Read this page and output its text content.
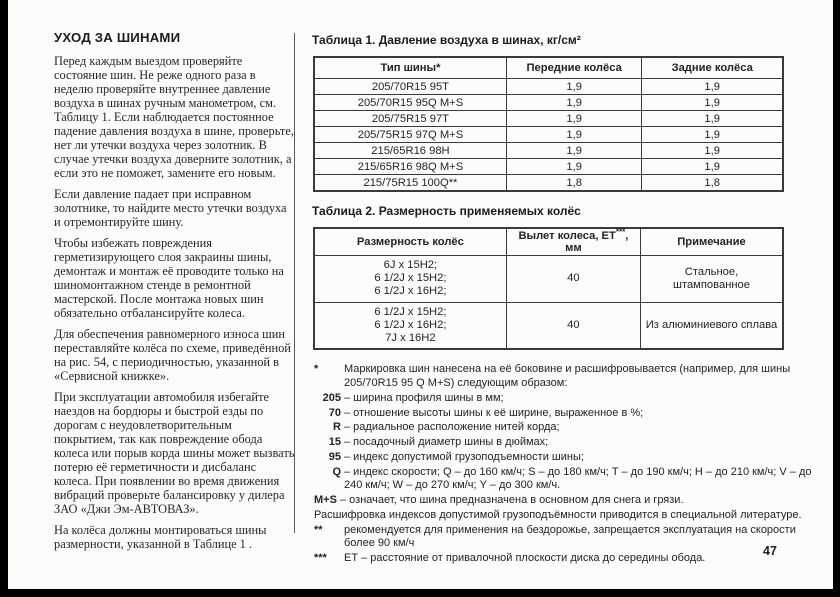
УХОД ЗА ШИНАМИ

Перед каждым выездом проверяйте состояние шин. Не реже одного раза в неделю проверяйте внутреннее давление воздуха в шинах ручным манометром, см. Таблицу 1. Если наблюдается постоянное падение давления воздуха в шине, проверьте, нет ли утечки воздуха через золотник. В случае утечки воздуха доверните золотник, а если это не поможет, замените его новым.

Если давление падает при исправном золотнике, то найдите место утечки воздуха и отремонтируйте шину.

Чтобы избежать повреждения герметизирующего слоя закраины шины, демонтаж и монтаж её проводите только на шиномонтажном стенде в ремонтной мастерской. После монтажа новых шин обязательно отбалансируйте колеса.

Для обеспечения равномерного износа шин переставляйте колёса по схеме, приведённой на рис. 54, с периодичностью, указанной в «Сервисной книжке».

При эксплуатации автомобиля избегайте наездов на бордюры и быстрой езды по дорогам с неудовлетворительным покрытием, так как повреждение обода колеса или порыв корда шины может вызвать потерю её герметичности и дисбаланс колеса. При появлении во время движения вибраций проверьте балансировку у дилера ЗАО «Джи Эм-АВТОВАЗ».

На колёса должны монтироваться шины размерности, указанной в Таблице 1 .

Таблица 1. Давление воздуха в шинах, кг/см²
Тип шины*	Передние колёса	Задние колёса
205/70R15 95T	1,9	1,9
205/70R15 95Q M+S	1,9	1,9
205/75R15 97T	1,9	1,9
205/75R15 97Q M+S	1,9	1,9
215/65R16 98H	1,9	1,9
215/65R16 98Q M+S	1,9	1,9
215/75R15 100Q**	1,8	1,8
Таблица 2. Размерность применяемых колёс
Размерность колёс	Вылет колеса, ЕТ***, мм	Примечание

6J x 15H2;
6 1/2J x 15H2;
6 1/2J x 16H2;	40	Стальное, штампованное

6 1/2J x 15H2;
6 1/2J x 16H2;
7J x 16H2	40	Из алюминиевого сплава
*	Маркировка шин нанесена на её боковине и расшифровывается (например, для шины 205/70R15 95 Q M+S) следующим образом:
205 – ширина профиля шины в мм;
70 – отношение высоты шины к её ширине, выраженное в %;
R – радиальное расположение нитей корда;
15 – посадочный диаметр шины в дюймах;
95 – индекс допустимой грузоподъемности шины;
Q – индекс скорости; Q – до 160 км/ч; S – до 180 км/ч; T – до 190 км/ч; H – до 210 км/ч; V – до 240 км/ч; W – до 270 км/ч; Y – до 300 км/ч.
M+S – означает, что шина предназначена в основном для снега и грязи.
Расшифровка индексов допустимой грузоподъёмности приводится в специальной литературе.
**	рекомендуется для применения на бездорожье, запрещается эксплуатация на скорости более 90 км/ч
***	ЕТ – расстояние от привалочной плоскости диска до середины обода.
47
